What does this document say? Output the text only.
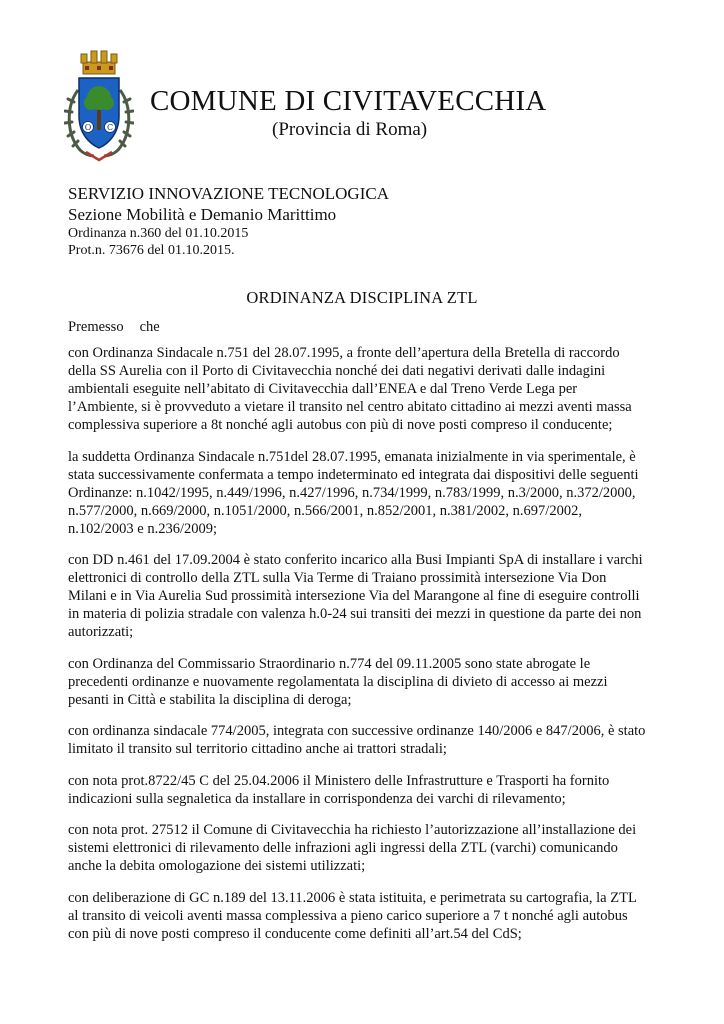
O C
COMUNE DI CIVITAVECCHIA
(Provincia di Roma)
SERVIZIO INNOVAZIONE TECNOLOGICA
Sezione Mobilità e Demanio Marittimo
Ordinanza n.360 del 01.10.2015
Prot.n. 73676 del 01.10.2015.
ORDINANZA DISCIPLINA ZTL
Premesso che
con Ordinanza Sindacale n.751 del 28.07.1995, a fronte dell’apertura della Bretella di raccordo
della SS Aurelia con il Porto di Civitavecchia nonché dei dati negativi derivati dalle indagini
ambientali eseguite nell’abitato di Civitavecchia dall’ENEA e dal Treno Verde Lega per
l’Ambiente, si è provveduto a vietare il transito nel centro abitato cittadino ai mezzi aventi massa
complessiva superiore a 8t nonché agli autobus con più di nove posti compreso il conducente;
la suddetta Ordinanza Sindacale n.751del 28.07.1995, emanata inizialmente in via sperimentale, è
stata successivamente confermata a tempo indeterminato ed integrata dai dispositivi delle seguenti
Ordinanze: n.1042/1995, n.449/1996, n.427/1996, n.734/1999, n.783/1999, n.3/2000, n.372/2000,
n.577/2000, n.669/2000, n.1051/2000, n.566/2001, n.852/2001, n.381/2002, n.697/2002,
n.102/2003 e n.236/2009;
con DD n.461 del 17.09.2004 è stato conferito incarico alla Busi Impianti SpA di installare i varchi
elettronici di controllo della ZTL sulla Via Terme di Traiano prossimità intersezione Via Don
Milani e in Via Aurelia Sud prossimità intersezione Via del Marangone al fine di eseguire controlli
in materia di polizia stradale con valenza h.0-24 sui transiti dei mezzi in questione da parte dei non
autorizzati;
con Ordinanza del Commissario Straordinario n.774 del 09.11.2005 sono state abrogate le
precedenti ordinanze e nuovamente regolamentata la disciplina di divieto di accesso ai mezzi
pesanti in Città e stabilita la disciplina di deroga;
con ordinanza sindacale 774/2005, integrata con successive ordinanze 140/2006 e 847/2006, è stato
limitato il transito sul territorio cittadino anche ai trattori stradali;
con nota prot.8722/45 C del 25.04.2006 il Ministero delle Infrastrutture e Trasporti ha fornito
indicazioni sulla segnaletica da installare in corrispondenza dei varchi di rilevamento;
con nota prot. 27512 il Comune di Civitavecchia ha richiesto l’autorizzazione all’installazione dei
sistemi elettronici di rilevamento delle infrazioni agli ingressi della ZTL (varchi) comunicando
anche la debita omologazione dei sistemi utilizzati;
con deliberazione di GC n.189 del 13.11.2006 è stata istituita, e perimetrata su cartografia, la ZTL
al transito di veicoli aventi massa complessiva a pieno carico superiore a 7 t nonché agli autobus
con più di nove posti compreso il conducente come definiti all’art.54 del CdS;
